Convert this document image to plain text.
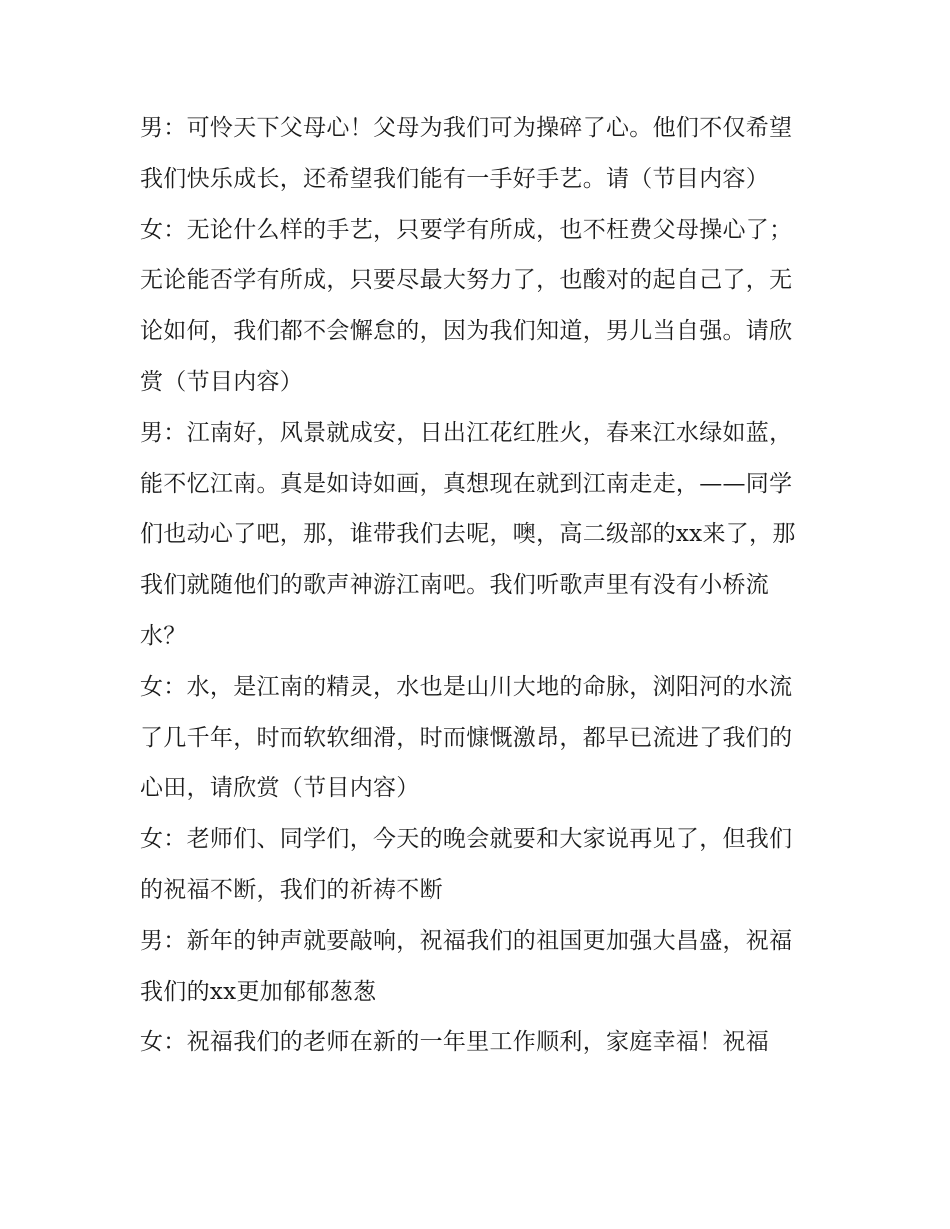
男：可怜天下父母心！父母为我们可为操碎了心。他们不仅希望我们快乐成长，还希望我们能有一手好手艺。请（节目内容）

女：无论什么样的手艺，只要学有所成，也不枉费父母操心了；无论能否学有所成，只要尽最大努力了，也酸对的起自己了，无论如何，我们都不会懈怠的，因为我们知道，男儿当自强。请欣赏（节目内容）

男：江南好，风景就成安，日出江花红胜火，春来江水绿如蓝，能不忆江南。真是如诗如画，真想现在就到江南走走，——同学们也动心了吧，那，谁带我们去呢，噢，高二级部的xx来了，那我们就随他们的歌声神游江南吧。我们听歌声里有没有小桥流水？

女：水，是江南的精灵，水也是山川大地的命脉，浏阳河的水流了几千年，时而软软细滑，时而慷慨激昂，都早已流进了我们的心田，请欣赏（节目内容）

女：老师们、同学们，今天的晚会就要和大家说再见了，但我们的祝福不断，我们的祈祷不断

男：新年的钟声就要敲响，祝福我们的祖国更加强大昌盛，祝福我们的xx更加郁郁葱葱

女：祝福我们的老师在新的一年里工作顺利，家庭幸福！祝福
